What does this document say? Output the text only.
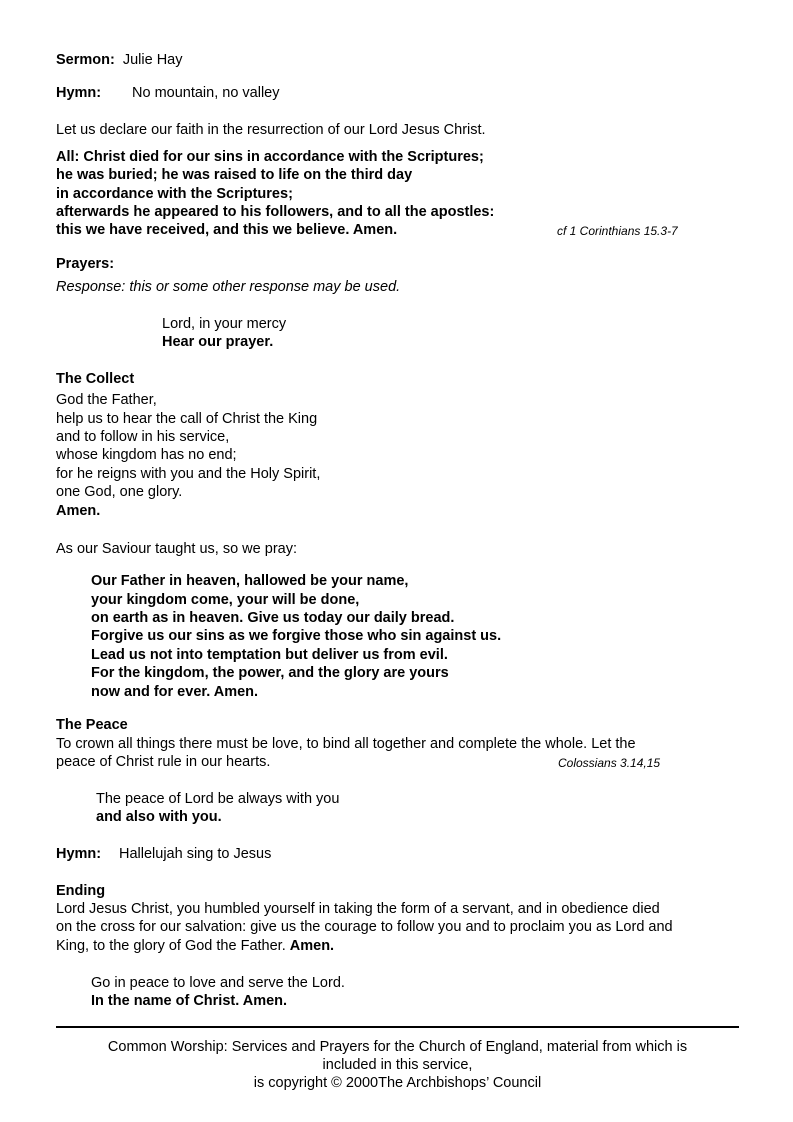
Sermon: Julie Hay
Hymn: No mountain, no valley
Let us declare our faith in the resurrection of our Lord Jesus Christ.
All: Christ died for our sins in accordance with the Scriptures;
he was buried; he was raised to life on the third day
in accordance with the Scriptures;
afterwards he appeared to his followers, and to all the apostles:
this we have received, and this we believe. Amen.	cf 1 Corinthians 15.3-7
Prayers:
Response: this or some other response may be used.
Lord, in your mercy
Hear our prayer.
The Collect
God the Father,
help us to hear the call of Christ the King
and to follow in his service,
whose kingdom has no end;
for he reigns with you and the Holy Spirit,
one God, one glory.
Amen.
As our Saviour taught us, so we pray:
Our Father in heaven, hallowed be your name,
your kingdom come, your will be done,
on earth as in heaven. Give us today our daily bread.
Forgive us our sins as we forgive those who sin against us.
Lead us not into temptation but deliver us from evil.
For the kingdom, the power, and the glory are yours
now and for ever. Amen.
The Peace
To crown all things there must be love, to bind all together and complete the whole. Let the
peace of Christ rule in our hearts.	Colossians 3.14,15
The peace of Lord be always with you
and also with you.
Hymn: Hallelujah sing to Jesus
Ending
Lord Jesus Christ, you humbled yourself in taking the form of a servant, and in obedience died
on the cross for our salvation: give us the courage to follow you and to proclaim you as Lord and
King, to the glory of God the Father. Amen.
Go in peace to love and serve the Lord.
In the name of Christ. Amen.
Common Worship: Services and Prayers for the Church of England, material from which is
included in this service,
is copyright © 2000The Archbishops’ Council
